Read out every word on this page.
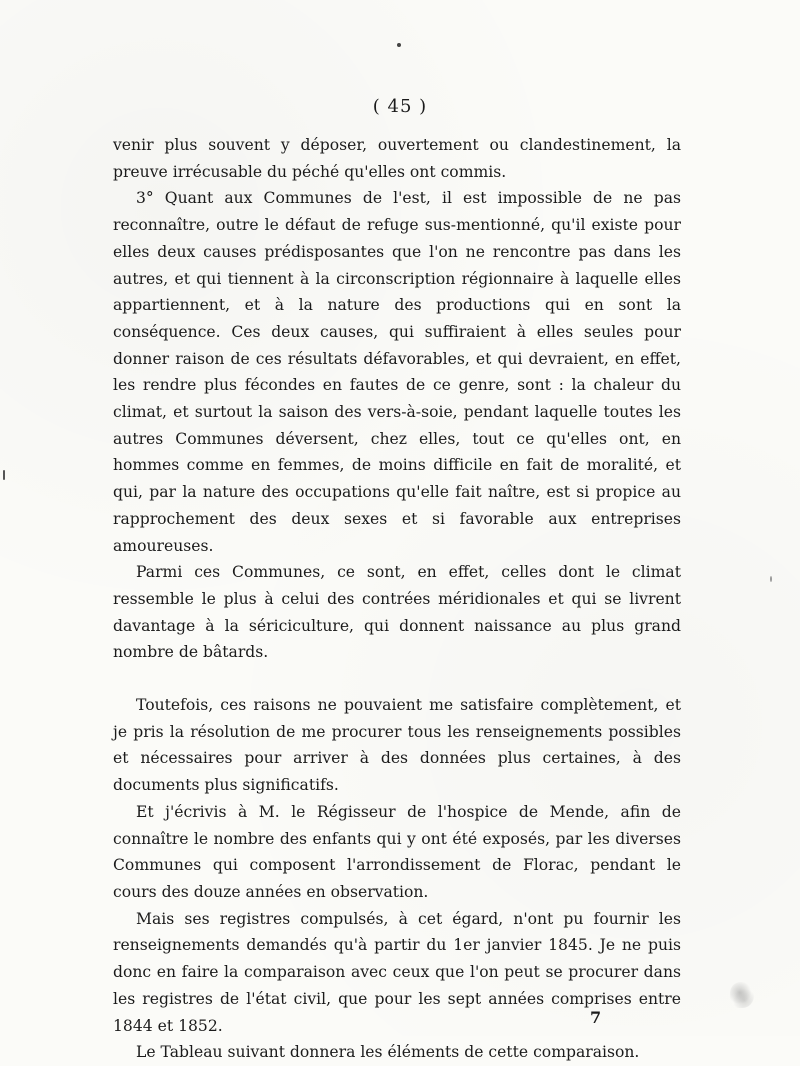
( 45 )

venir plus souvent y déposer, ouvertement ou clandestinement, la preuve irrécusable du péché qu'elles ont commis.

3° Quant aux Communes de l'est, il est impossible de ne pas reconnaître, outre le défaut de refuge sus-mentionné, qu'il existe pour elles deux causes prédisposantes que l'on ne rencontre pas dans les autres, et qui tiennent à la circonscription régionnaire à laquelle elles appartiennent, et à la nature des productions qui en sont la conséquence. Ces deux causes, qui suffiraient à elles seules pour donner raison de ces résultats défavorables, et qui devraient, en effet, les rendre plus fécondes en fautes de ce genre, sont : la chaleur du climat, et surtout la saison des vers-à-soie, pendant laquelle toutes les autres Communes déversent, chez elles, tout ce qu'elles ont, en hommes comme en femmes, de moins difficile en fait de moralité, et qui, par la nature des occupations qu'elle fait naître, est si propice au rapprochement des deux sexes et si favorable aux entreprises amoureuses.

Parmi ces Communes, ce sont, en effet, celles dont le climat ressemble le plus à celui des contrées méridionales et qui se livrent davantage à la sériciculture, qui donnent naissance au plus grand nombre de bâtards.

Toutefois, ces raisons ne pouvaient me satisfaire complètement, et je pris la résolution de me procurer tous les renseignements possibles et nécessaires pour arriver à des données plus certaines, à des documents plus significatifs.

Et j'écrivis à M. le Régisseur de l'hospice de Mende, afin de connaître le nombre des enfants qui y ont été exposés, par les diverses Communes qui composent l'arrondissement de Florac, pendant le cours des douze années en observation.

Mais ses registres compulsés, à cet égard, n'ont pu fournir les renseignements demandés qu'à partir du 1er janvier 1845. Je ne puis donc en faire la comparaison avec ceux que l'on peut se procurer dans les registres de l'état civil, que pour les sept années comprises entre 1844 et 1852.

Le Tableau suivant donnera les éléments de cette comparaison.

7
